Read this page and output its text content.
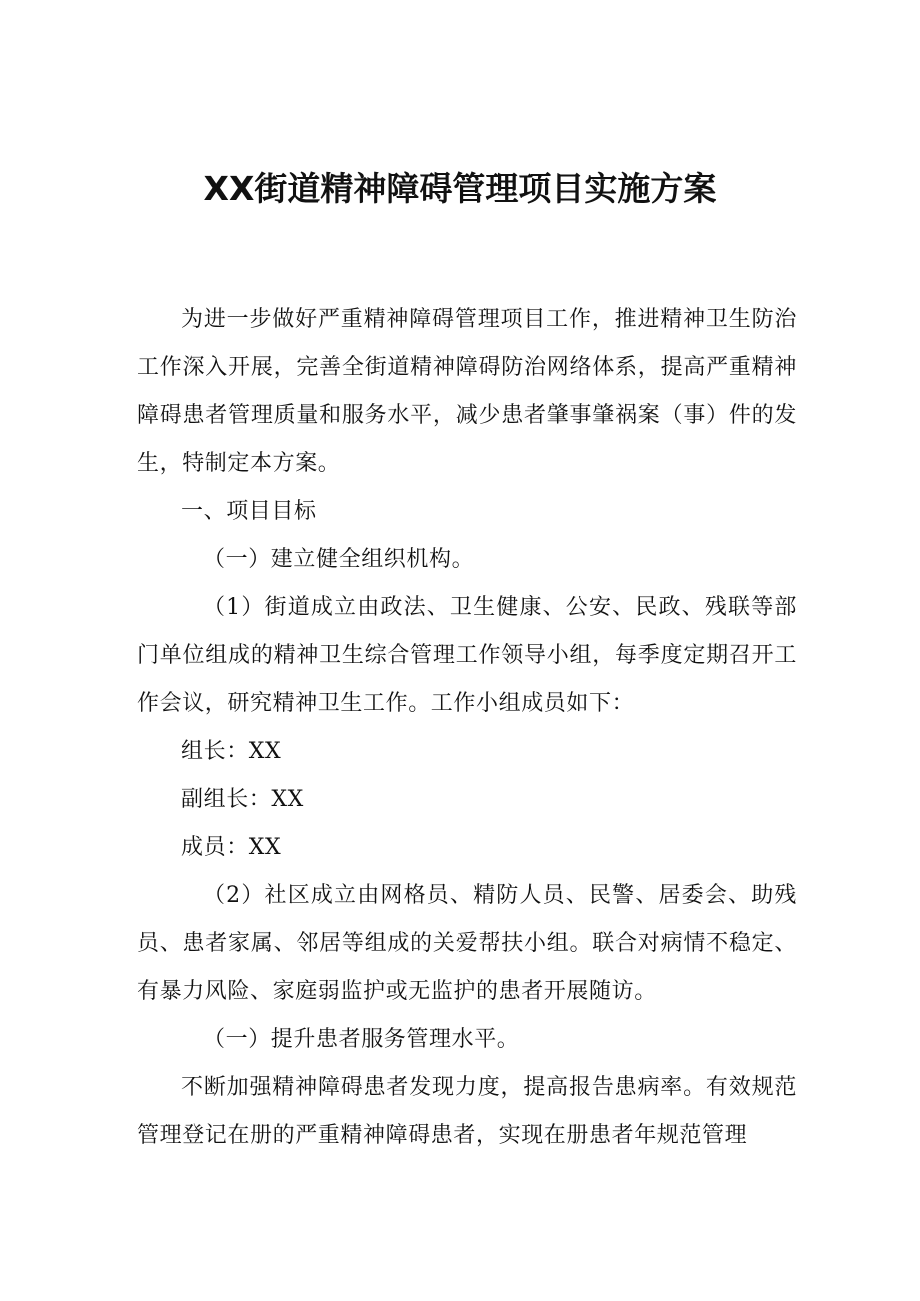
XX街道精神障碍管理项目实施方案

为进一步做好严重精神障碍管理项目工作，推进精神卫生防治工作深入开展，完善全街道精神障碍防治网络体系，提高严重精神障碍患者管理质量和服务水平，减少患者肇事肇祸案（事）件的发生，特制定本方案。

一、项目目标

（一）建立健全组织机构。

（1）街道成立由政法、卫生健康、公安、民政、残联等部门单位组成的精神卫生综合管理工作领导小组，每季度定期召开工作会议，研究精神卫生工作。工作小组成员如下：

组长：XX

副组长：XX

成员：XX

（2）社区成立由网格员、精防人员、民警、居委会、助残员、患者家属、邻居等组成的关爱帮扶小组。联合对病情不稳定、有暴力风险、家庭弱监护或无监护的患者开展随访。

（一）提升患者服务管理水平。

不断加强精神障碍患者发现力度，提高报告患病率。有效规范管理登记在册的严重精神障碍患者，实现在册患者年规范管理
